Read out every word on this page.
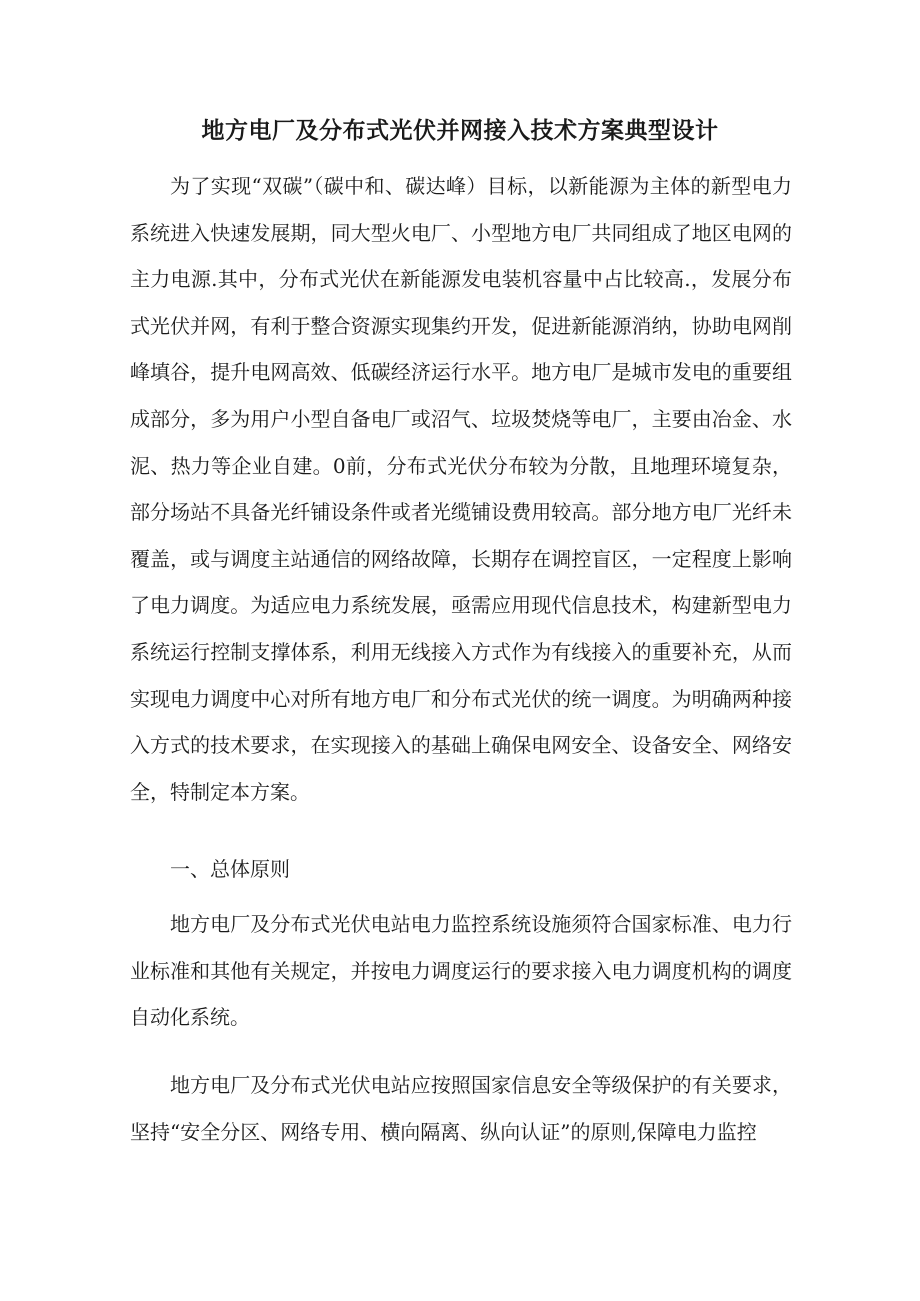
地方电厂及分布式光伏并网接入技术方案典型设计

为了实现“双碳”（碳中和、碳达峰）目标，以新能源为主体的新型电力系统进入快速发展期，同大型火电厂、小型地方电厂共同组成了地区电网的主力电源.其中，分布式光伏在新能源发电装机容量中占比较高.，发展分布式光伏并网，有利于整合资源实现集约开发，促进新能源消纳，协助电网削峰填谷，提升电网高效、低碳经济运行水平。地方电厂是城市发电的重要组成部分，多为用户小型自备电厂或沼气、垃圾焚烧等电厂，主要由冶金、水泥、热力等企业自建。0前，分布式光伏分布较为分散，且地理环境复杂，部分场站不具备光纤铺设条件或者光缆铺设费用较高。部分地方电厂光纤未覆盖，或与调度主站通信的网络故障，长期存在调控盲区，一定程度上影响了电力调度。为适应电力系统发展，亟需应用现代信息技术，构建新型电力系统运行控制支撑体系，利用无线接入方式作为有线接入的重要补充，从而实现电力调度中心对所有地方电厂和分布式光伏的统一调度。为明确两种接入方式的技术要求，在实现接入的基础上确保电网安全、设备安全、网络安全，特制定本方案。

一、总体原则

地方电厂及分布式光伏电站电力监控系统设施须符合国家标准、电力行业标准和其他有关规定，并按电力调度运行的要求接入电力调度机构的调度自动化系统。

地方电厂及分布式光伏电站应按照国家信息安全等级保护的有关要求，坚持“安全分区、网络专用、横向隔离、纵向认证”的原则,保障电力监控
